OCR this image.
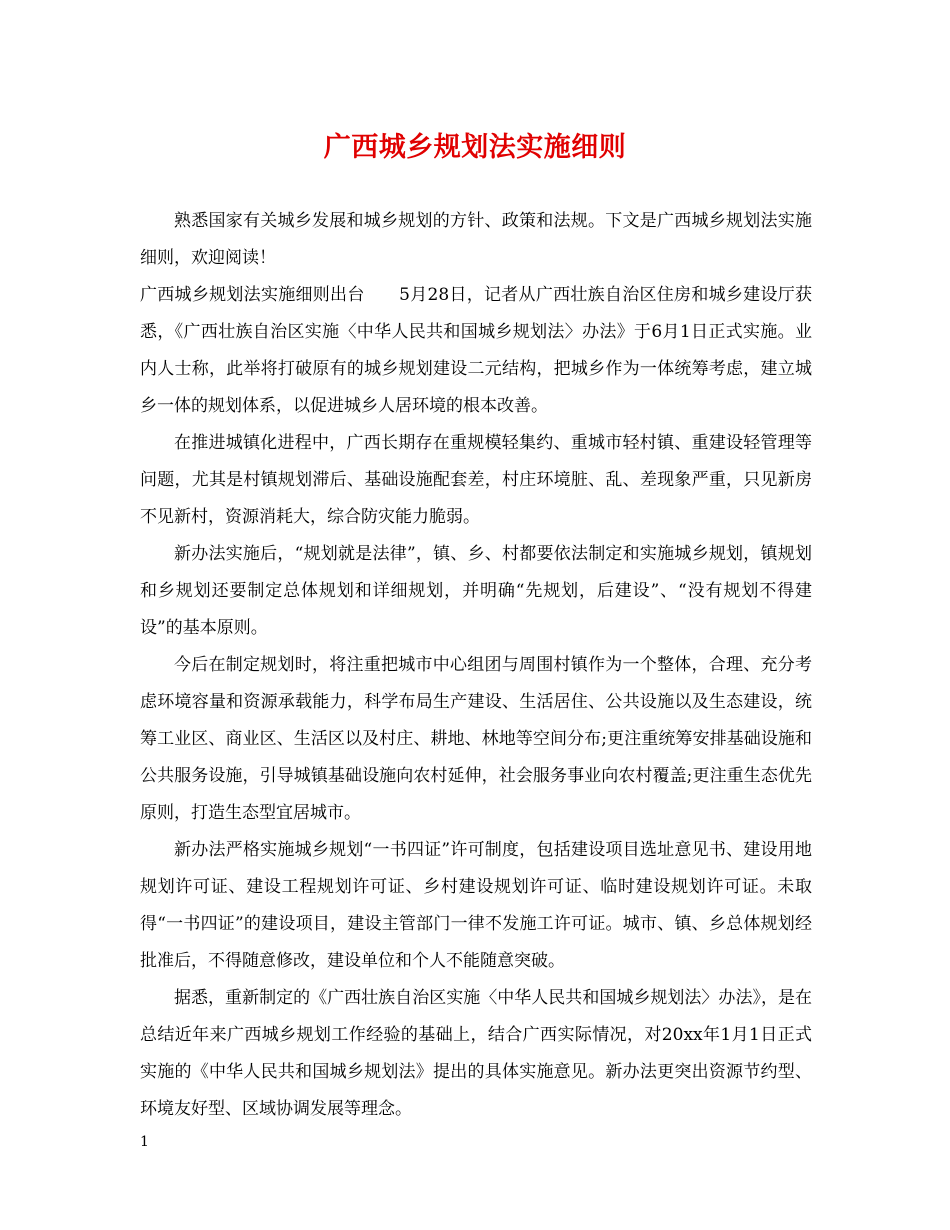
广西城乡规划法实施细则

熟悉国家有关城乡发展和城乡规划的方针、政策和法规。下文是广西城乡规划法实施细则，欢迎阅读！

广西城乡规划法实施细则出台　　5月28日，记者从广西壮族自治区住房和城乡建设厅获悉，《广西壮族自治区实施〈中华人民共和国城乡规划法〉办法》于6月1日正式实施。业内人士称，此举将打破原有的城乡规划建设二元结构，把城乡作为一体统筹考虑，建立城乡一体的规划体系，以促进城乡人居环境的根本改善。

在推进城镇化进程中，广西长期存在重规模轻集约、重城市轻村镇、重建设轻管理等问题，尤其是村镇规划滞后、基础设施配套差，村庄环境脏、乱、差现象严重，只见新房不见新村，资源消耗大，综合防灾能力脆弱。

新办法实施后，“规划就是法律”，镇、乡、村都要依法制定和实施城乡规划，镇规划和乡规划还要制定总体规划和详细规划，并明确“先规划，后建设”、“没有规划不得建设”的基本原则。

今后在制定规划时，将注重把城市中心组团与周围村镇作为一个整体，合理、充分考虑环境容量和资源承载能力，科学布局生产建设、生活居住、公共设施以及生态建设，统筹工业区、商业区、生活区以及村庄、耕地、林地等空间分布;更注重统筹安排基础设施和公共服务设施，引导城镇基础设施向农村延伸，社会服务事业向农村覆盖;更注重生态优先原则，打造生态型宜居城市。

新办法严格实施城乡规划“一书四证”许可制度，包括建设项目选址意见书、建设用地规划许可证、建设工程规划许可证、乡村建设规划许可证、临时建设规划许可证。未取得“一书四证”的建设项目，建设主管部门一律不发施工许可证。城市、镇、乡总体规划经批准后，不得随意修改，建设单位和个人不能随意突破。

据悉，重新制定的《广西壮族自治区实施〈中华人民共和国城乡规划法〉办法》，是在总结近年来广西城乡规划工作经验的基础上，结合广西实际情况，对20xx年1月1日正式实施的《中华人民共和国城乡规划法》提出的具体实施意见。新办法更突出资源节约型、环境友好型、区域协调发展等理念。

1
